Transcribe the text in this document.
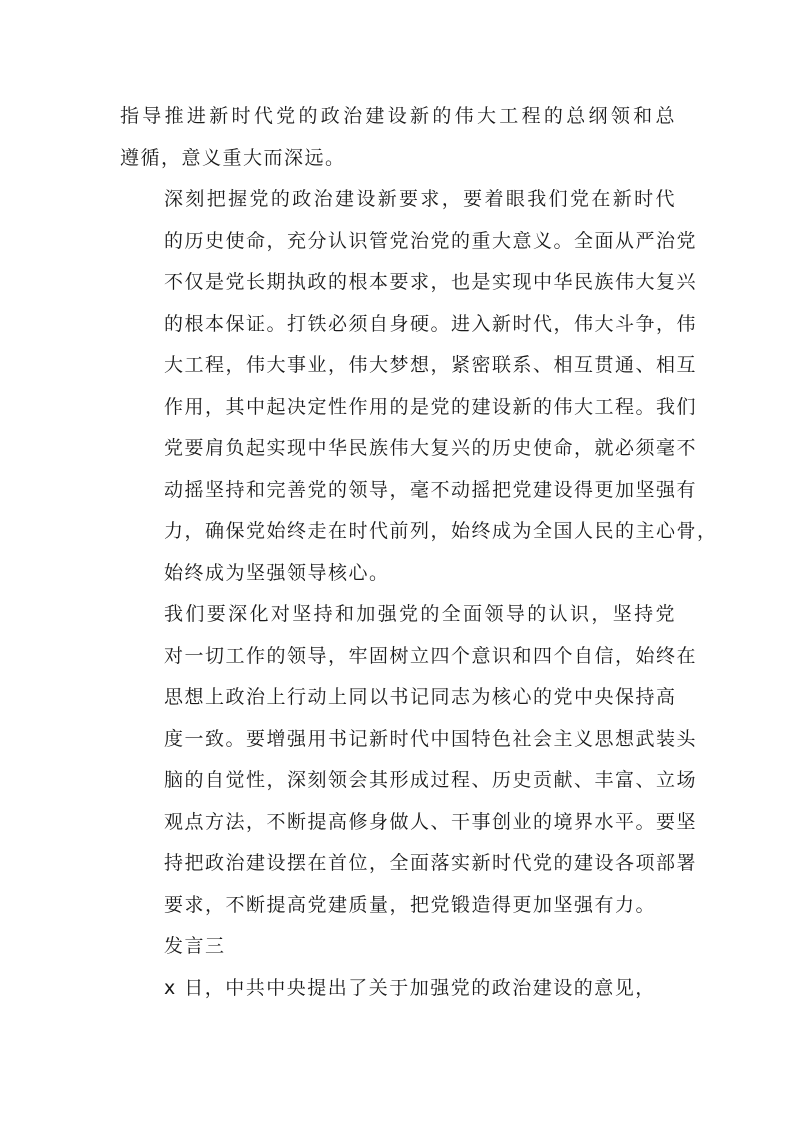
指导推进新时代党的政治建设新的伟大工程的总纲领和总
遵循，意义重大而深远。

深刻把握党的政治建设新要求，要着眼我们党在新时代
的历史使命，充分认识管党治党的重大意义。全面从严治党
不仅是党长期执政的根本要求，也是实现中华民族伟大复兴
的根本保证。打铁必须自身硬。进入新时代，伟大斗争，伟
大工程，伟大事业，伟大梦想，紧密联系、相互贯通、相互
作用，其中起决定性作用的是党的建设新的伟大工程。我们
党要肩负起实现中华民族伟大复兴的历史使命，就必须毫不
动摇坚持和完善党的领导，毫不动摇把党建设得更加坚强有
力，确保党始终走在时代前列，始终成为全国人民的主心骨，
始终成为坚强领导核心。

我们要深化对坚持和加强党的全面领导的认识，坚持党
对一切工作的领导，牢固树立四个意识和四个自信，始终在
思想上政治上行动上同以书记同志为核心的党中央保持高
度一致。要增强用书记新时代中国特色社会主义思想武装头
脑的自觉性，深刻领会其形成过程、历史贡献、丰富、立场
观点方法，不断提高修身做人、干事创业的境界水平。要坚
持把政治建设摆在首位，全面落实新时代党的建设各项部署
要求，不断提高党建质量，把党锻造得更加坚强有力。

发言三

x 日，中共中央提出了关于加强党的政治建设的意见，
